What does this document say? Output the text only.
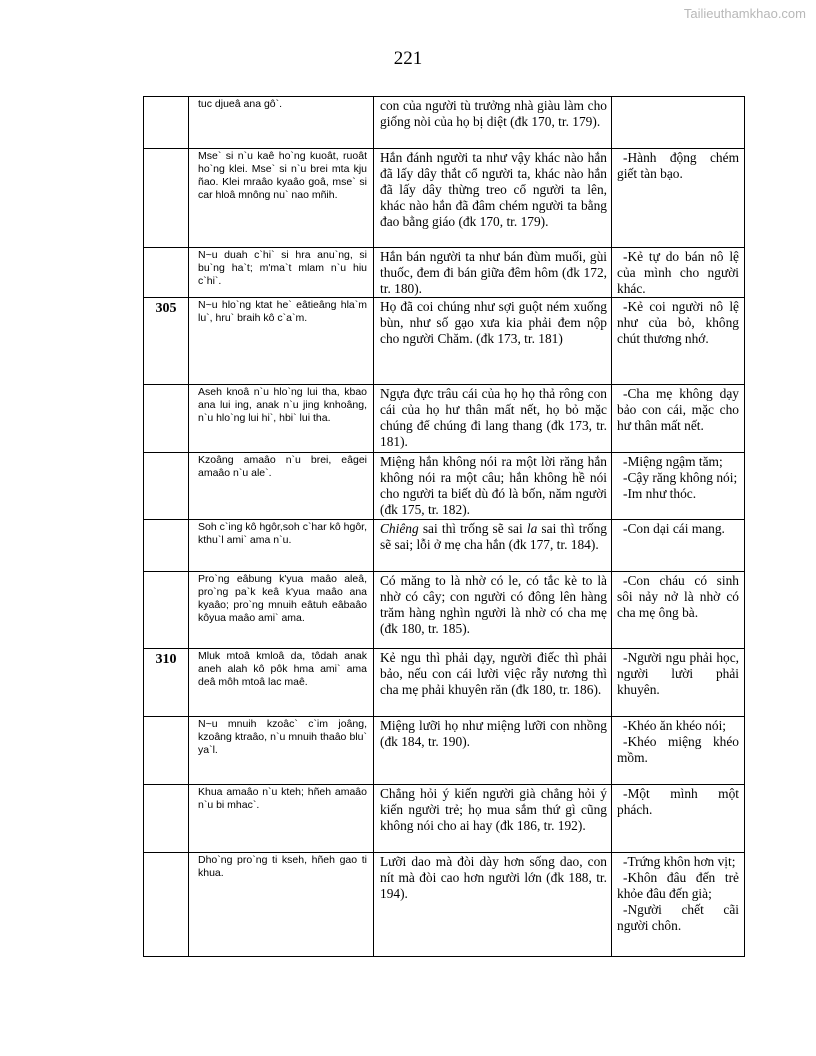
Tailieuthamkhao.com
221
	tuc djueâ ana gô`.	con của người tù trưởng nhà giàu làm cho giống nòi của họ bị diệt (đk 170, tr. 179).	
	Mse` si n`u kaê ho`ng kuoât, ruoât ho`ng klei. Mse` si n`u brei mta kju ñao. Klei mraâo kyaâo goâ, mse` si car hloâ mnông nu` nao mñih.	Hắn đánh người ta như vậy khác nào hắn đã lấy dây thắt cổ người ta, khác nào hắn đã lấy dây thừng treo cổ người ta lên, khác nào hắn đã đâm chém người ta bằng đao bằng giáo (đk 170, tr. 179).	-Hành động chém giết tàn bạo.

	N~u duah c`hi` si hra anu`ng, si bu`ng ha`t; m'ma`t mlam n`u hiu c`hi`.	Hắn bán người ta như bán đùm muối, gùi thuốc, đem đi bán giữa đêm hôm (đk 172, tr. 180).	-Kẻ tự do bán nô lệ của mình cho người khác.

305	N~u hlo`ng ktat he` eâtieâng hla`m lu`, hru` braih kô c`a`m.	Họ đã coi chúng như sợi guột ném xuống bùn, như số gạo xưa kia phải đem nộp cho người Chăm. (đk 173, tr. 181)	-Kẻ coi người nô lệ như của bỏ, không chút thương nhớ.

	Aseh knoâ n`u hlo`ng lui tha, kbao ana lui ing, anak n`u jing knhoâng, n`u hlo`ng lui hi`, hbi` lui tha.	Ngựa đực trâu cái của họ họ thả rông con cái của họ hư thân mất nết, họ bỏ mặc chúng để chúng đi lang thang (đk 173, tr. 181).	-Cha mẹ không dạy bảo con cái, mặc cho hư thân mất nết.

	Kzoâng amaâo n`u brei, eâgei amaâo n`u ale`.	Miệng hắn không nói ra một lời răng hắn không nói ra một câu; hắn không hề nói cho người ta biết dù đó là bốn, năm người (đk 175, tr. 182).	-Miệng ngậm tăm;
-Cậy răng không nói;
-Im như thóc.

	Soh c`ing kô hgôr,soh c`har kô hgôr, kthu`l ami` ama n`u.	Chiêng sai thì trống sẽ sai la sai thì trống sẽ sai; lỗi ở mẹ cha hắn (đk 177, tr. 184).	-Con dại cái mang.

	Pro`ng eâbung k'yua maâo aleâ, pro`ng pa`k keâ k'yua maâo ana kyaâo; pro`ng mnuih eâtuh eâbaâo kôyua maâo ami` ama.	Có măng to là nhờ có le, có tắc kè to là nhờ có cây; con người có đông lên hàng trăm hàng nghìn người là nhờ có cha mẹ (đk 180, tr. 185).	-Con cháu có sinh sôi nảy nở là nhờ có cha mẹ ông bà.

310	Mluk mtoâ kmloâ da, tôdah anak aneh alah kô pôk hma ami` ama deâ môh mtoâ lac maê.	Kẻ ngu thì phải dạy, người điếc thì phải bảo, nếu con cái lười việc rẫy nương thì cha mẹ phải khuyên răn (đk 180, tr. 186).	-Người ngu phải học, người lười phải khuyên.

	N~u mnuih kzoâc` c`im joâng, kzoâng ktraâo, n`u mnuih thaâo blu` ya`l.	Miệng lưỡi họ như miệng lưỡi con nhồng (đk 184, tr. 190).	-Khéo ăn khéo nói;
-Khéo miệng khéo mồm.

	Khua amaâo n`u kteh; hñeh amaâo n`u bi mhac`.	Chẳng hỏi ý kiến người già chẳng hỏi ý kiến người trẻ; họ mua sắm thứ gì cũng không nói cho ai hay (đk 186, tr. 192).	-Một mình một phách.

	Dho`ng pro`ng ti kseh, hñeh gao ti khua.	Lưỡi dao mà đòi dày hơn sống dao, con nít mà đòi cao hơn người lớn (đk 188, tr. 194).	-Trứng khôn hơn vịt;
-Khôn đâu đến trẻ khỏe đâu đến già;
-Người chết cãi người chôn.
